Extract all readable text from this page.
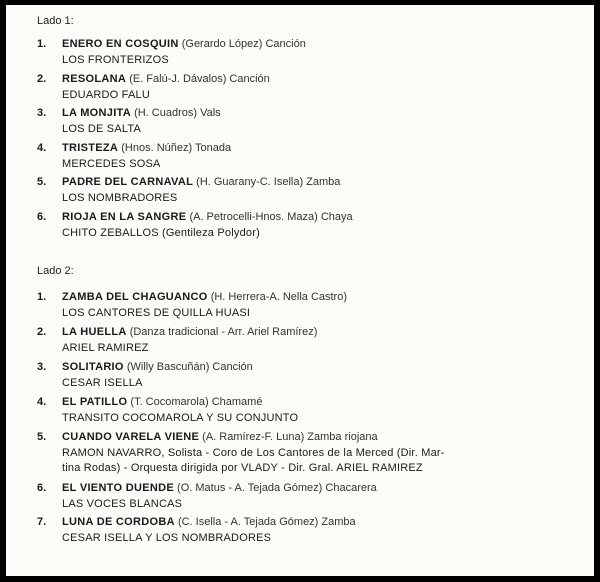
Lado 1:
1. ENERO EN COSQUIN (Gerardo López) Canción
LOS FRONTERIZOS
2. RESOLANA (E. Falú-J. Dávalos) Canción
EDUARDO FALU
3. LA MONJITA (H. Cuadros) Vals
LOS DE SALTA
4. TRISTEZA (Hnos. Núñez) Tonada
MERCEDES SOSA
5. PADRE DEL CARNAVAL (H. Guarany-C. Isella) Zamba
LOS NOMBRADORES
6. RIOJA EN LA SANGRE (A. Petrocelli-Hnos. Maza) Chaya
CHITO ZEBALLOS (Gentileza Polydor)
Lado 2:
1. ZAMBA DEL CHAGUANCO (H. Herrera-A. Nella Castro)
LOS CANTORES DE QUILLA HUASI
2. LA HUELLA (Danza tradicional - Arr. Ariel Ramírez)
ARIEL RAMIREZ
3. SOLITARIO (Willy Bascuñán) Canción
CESAR ISELLA
4. EL PATILLO (T. Cocomarola) Chamamé
TRANSITO COCOMAROLA Y SU CONJUNTO
5. CUANDO VARELA VIENE (A. Ramírez-F. Luna) Zamba riojana
RAMON NAVARRO, Solista - Coro de Los Cantores de la Merced (Dir. Mar-
tina Rodas) - Orquesta dirigida por VLADY - Dir. Gral. ARIEL RAMIREZ
6. EL VIENTO DUENDE (O. Matus - A. Tejada Gómez) Chacarera
LAS VOCES BLANCAS
7. LUNA DE CORDOBA (C. Isella - A. Tejada Gómez) Zamba
CESAR ISELLA Y LOS NOMBRADORES
